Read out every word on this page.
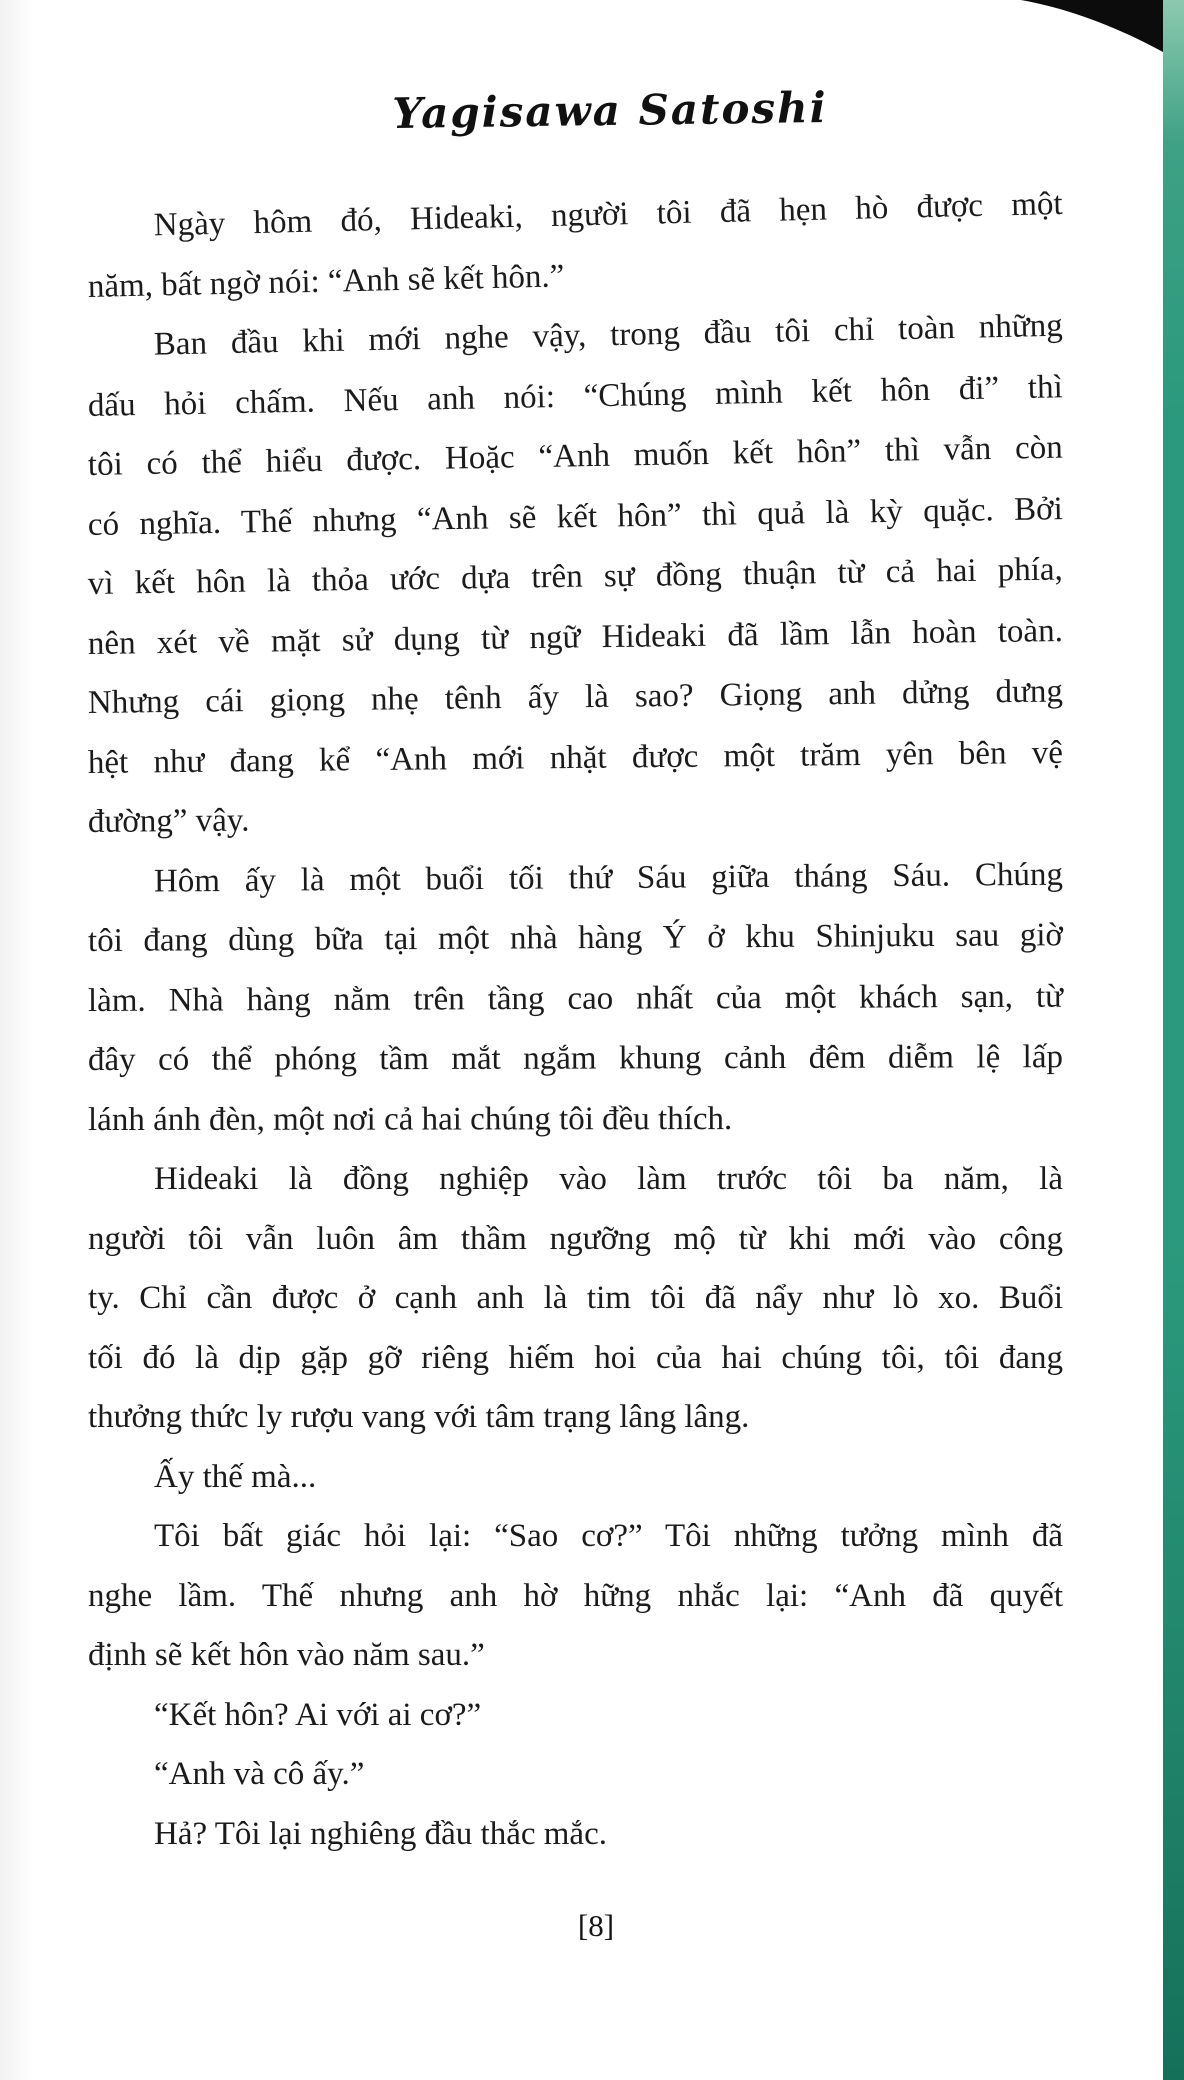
Yagisawa Satoshi
Ngày hôm đó, Hideaki, người tôi đã hẹn hò được một
năm, bất ngờ nói: “Anh sẽ kết hôn.”
Ban đầu khi mới nghe vậy, trong đầu tôi chỉ toàn những
dấu hỏi chấm. Nếu anh nói: “Chúng mình kết hôn đi” thì
tôi có thể hiểu được. Hoặc “Anh muốn kết hôn” thì vẫn còn
có nghĩa. Thế nhưng “Anh sẽ kết hôn” thì quả là kỳ quặc. Bởi
vì kết hôn là thỏa ước dựa trên sự đồng thuận từ cả hai phía,
nên xét về mặt sử dụng từ ngữ Hideaki đã lầm lẫn hoàn toàn.
Nhưng cái giọng nhẹ tênh ấy là sao? Giọng anh dửng dưng
hệt như đang kể “Anh mới nhặt được một trăm yên bên vệ
đường” vậy.
Hôm ấy là một buổi tối thứ Sáu giữa tháng Sáu. Chúng
tôi đang dùng bữa tại một nhà hàng Ý ở khu Shinjuku sau giờ
làm. Nhà hàng nằm trên tầng cao nhất của một khách sạn, từ
đây có thể phóng tầm mắt ngắm khung cảnh đêm diễm lệ lấp
lánh ánh đèn, một nơi cả hai chúng tôi đều thích.
Hideaki là đồng nghiệp vào làm trước tôi ba năm, là
người tôi vẫn luôn âm thầm ngưỡng mộ từ khi mới vào công
ty. Chỉ cần được ở cạnh anh là tim tôi đã nẩy như lò xo. Buổi
tối đó là dịp gặp gỡ riêng hiếm hoi của hai chúng tôi, tôi đang
thưởng thức ly rượu vang với tâm trạng lâng lâng.
Ấy thế mà...
Tôi bất giác hỏi lại: “Sao cơ?” Tôi những tưởng mình đã
nghe lầm. Thế nhưng anh hờ hững nhắc lại: “Anh đã quyết
định sẽ kết hôn vào năm sau.”
“Kết hôn? Ai với ai cơ?”
“Anh và cô ấy.”
Hả? Tôi lại nghiêng đầu thắc mắc.
[8]
